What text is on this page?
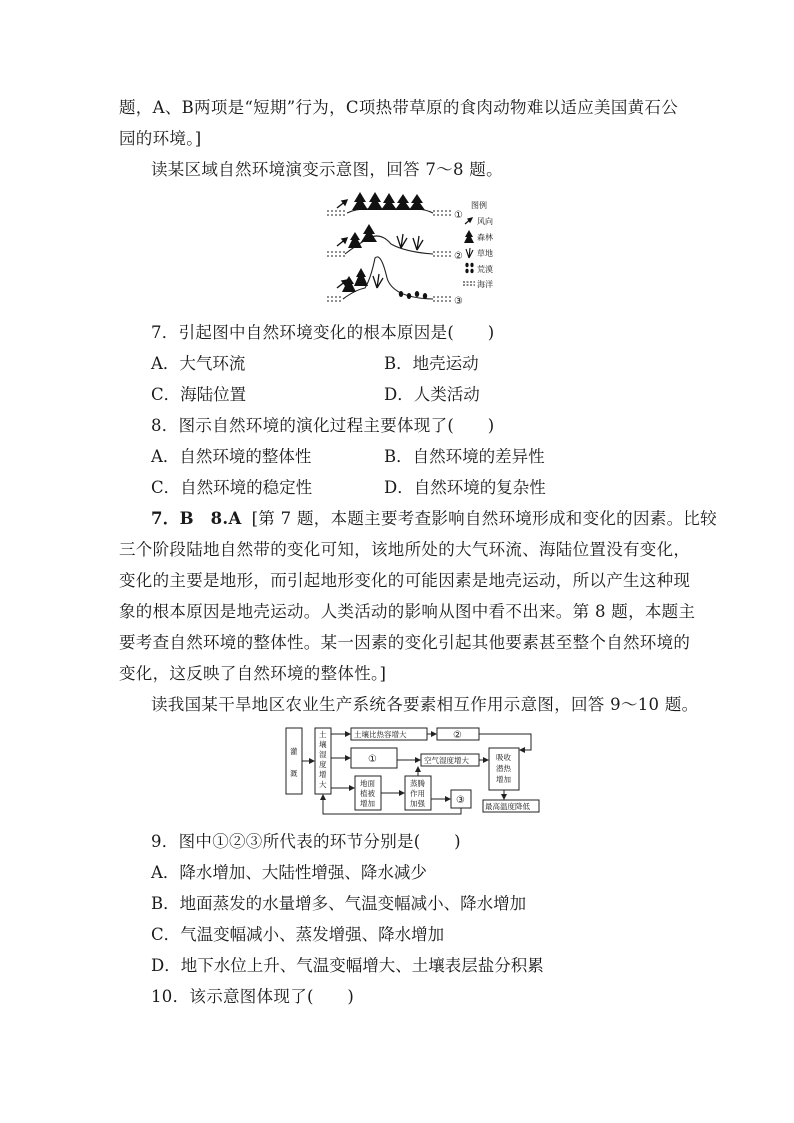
题，A、B两项是“短期”行为，C项热带草原的食肉动物难以适应美国黄石公
园的环境。]
读某区域自然环境演变示意图，回答 7～8 题。
①
②
③
图例
风向
森林
草地
荒漠
海洋
7．引起图中自然环境变化的根本原因是(　　)
A．大气环流	B．地壳运动
C．海陆位置	D．人类活动
8．图示自然环境的演化过程主要体现了(　　)
A．自然环境的整体性	B．自然环境的差异性
C．自然环境的稳定性	D．自然环境的复杂性
7．B　8.A [第 7 题，本题主要考查影响自然环境形成和变化的因素。比较
三个阶段陆地自然带的变化可知，该地所处的大气环流、海陆位置没有变化，
变化的主要是地形，而引起地形变化的可能因素是地壳运动，所以产生这种现
象的根本原因是地壳运动。人类活动的影响从图中看不出来。第 8 题，本题主
要考查自然环境的整体性。某一因素的变化引起其他要素甚至整个自然环境的
变化，这反映了自然环境的整体性。]
读我国某干旱地区农业生产系统各要素相互作用示意图，回答 9～10 题。
灌
溉
土
壤
湿
度
增
大
土壤比热容增大	②
①	空气湿度增大
地面
植被
增加
蒸腾
作用
加强	③
吸收
潜热
增加
最高温度降低
9．图中①②③所代表的环节分别是(　　)
A．降水增加、大陆性增强、降水减少
B．地面蒸发的水量增多、气温变幅减小、降水增加
C．气温变幅减小、蒸发增强、降水增加
D．地下水位上升、气温变幅增大、土壤表层盐分积累
10．该示意图体现了(　　)
